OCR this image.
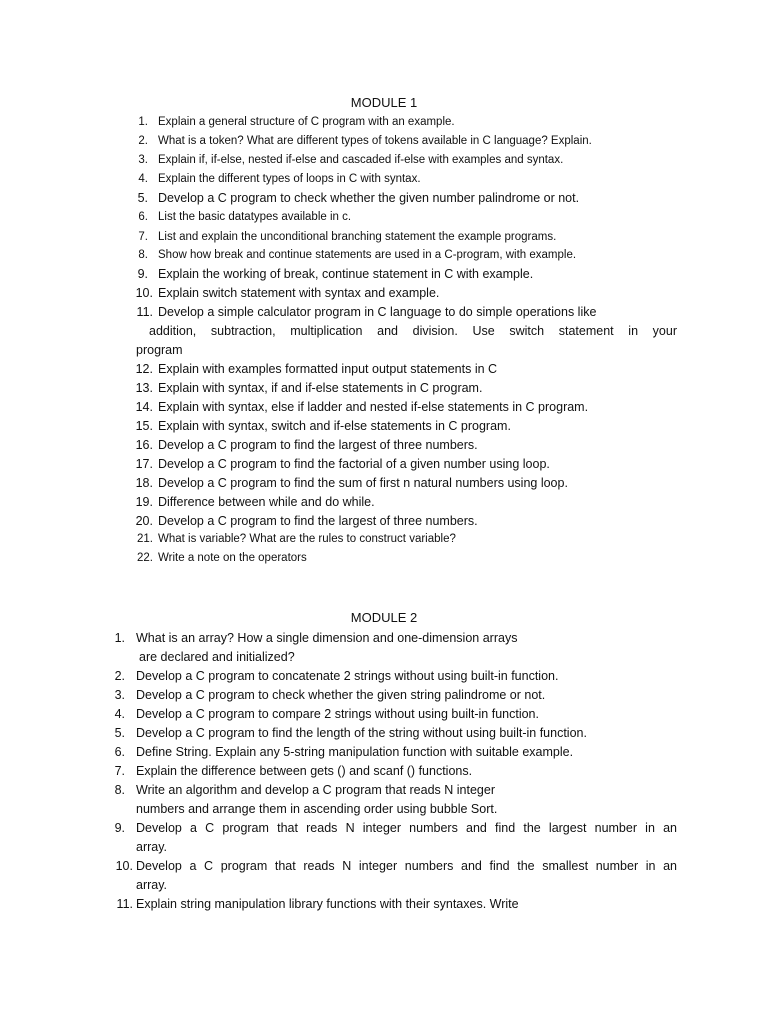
MODULE 1
1. Explain a general structure of C program with an example.
2. What is a token? What are different types of tokens available in C language? Explain.
3. Explain if, if-else, nested if-else and cascaded if-else with examples and syntax.
4. Explain the different types of loops in C with syntax.
5. Develop a C program to check whether the given number palindrome or not.
6. List the basic datatypes available in c.
7. List and explain the unconditional branching statement the example programs.
8. Show how break and continue statements are used in a C-program, with example.
9. Explain the working of break, continue statement in C with example.
10. Explain switch statement with syntax and example.
11. Develop a simple calculator program in C language to do simple operations like
addition, subtraction, multiplication and division. Use switch statement in your
program
12. Explain with examples formatted input output statements in C
13. Explain with syntax, if and if-else statements in C program.
14. Explain with syntax, else if ladder and nested if-else statements in C program.
15. Explain with syntax, switch and if-else statements in C program.
16. Develop a C program to find the largest of three numbers.
17. Develop a C program to find the factorial of a given number using loop.
18. Develop a C program to find the sum of first n natural numbers using loop.
19. Difference between while and do while.
20. Develop a C program to find the largest of three numbers.
21. What is variable? What are the rules to construct variable?
22. Write a note on the operators
MODULE 2
1. What is an array? How a single dimension and one-dimension arrays
are declared and initialized?
2. Develop a C program to concatenate 2 strings without using built-in function.
3. Develop a C program to check whether the given string palindrome or not.
4. Develop a C program to compare 2 strings without using built-in function.
5. Develop a C program to find the length of the string without using built-in function.
6. Define String. Explain any 5-string manipulation function with suitable example.
7. Explain the difference between gets () and scanf () functions.
8. Write an algorithm and develop a C program that reads N integer
numbers and arrange them in ascending order using bubble Sort.
9. Develop a C program that reads N integer numbers and find the largest number in an
array.
10. Develop a C program that reads N integer numbers and find the smallest number in an
array.
11. Explain string manipulation library functions with their syntaxes. Write
